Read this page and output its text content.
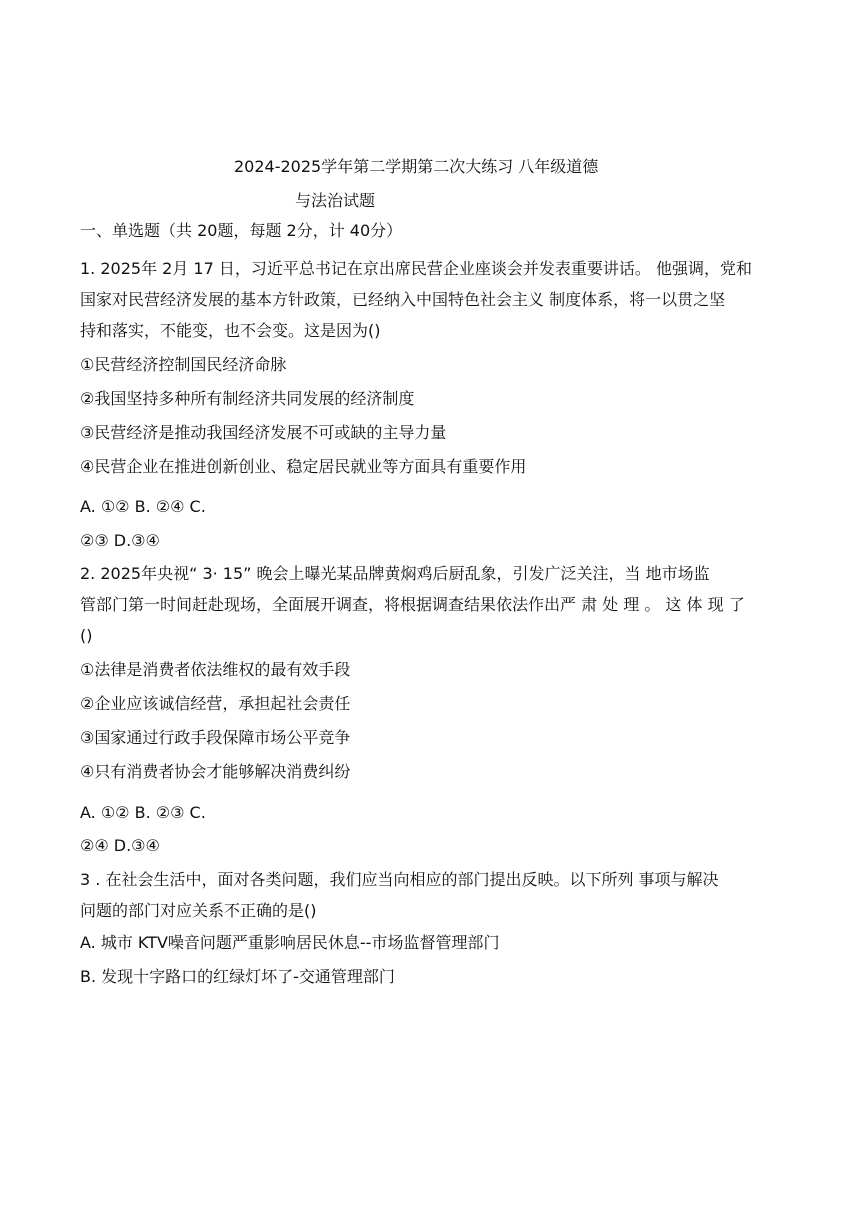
2024-2025学年第二学期第二次大练习 八年级道德
与法治试题
一、单选题（共 20题，每题 2分，计 40分）
1. 2025年 2月 17 日，习近平总书记在京出席民营企业座谈会并发表重要讲话。 他强调，党和
国家对民营经济发展的基本方针政策，已经纳入中国特色社会主义 制度体系，将一以贯之坚
持和落实，不能变，也不会变。这是因为()
①民营经济控制国民经济命脉
②我国坚持多种所有制经济共同发展的经济制度
③民营经济是推动我国经济发展不可或缺的主导力量
④民营企业在推进创新创业、稳定居民就业等方面具有重要作用
A. ①② B. ②④ C.
②③ D.③④
2. 2025年央视“ 3· 15” 晚会上曝光某品牌黄焖鸡后厨乱象，引发广泛关注，当 地市场监
管部门第一时间赶赴现场，全面展开调查，将根据调查结果依法作出严 肃 处 理 。 这 体 现 了
()
①法律是消费者依法维权的最有效手段
②企业应该诚信经营，承担起社会责任
③国家通过行政手段保障市场公平竞争
④只有消费者协会才能够解决消费纠纷
A. ①② B. ②③ C.
②④ D.③④
3 . 在社会生活中，面对各类问题，我们应当向相应的部门提出反映。以下所列 事项与解决
问题的部门对应关系不正确的是()
A. 城市 KTV噪音问题严重影响居民休息--市场监督管理部门
B. 发现十字路口的红绿灯坏了-交通管理部门
